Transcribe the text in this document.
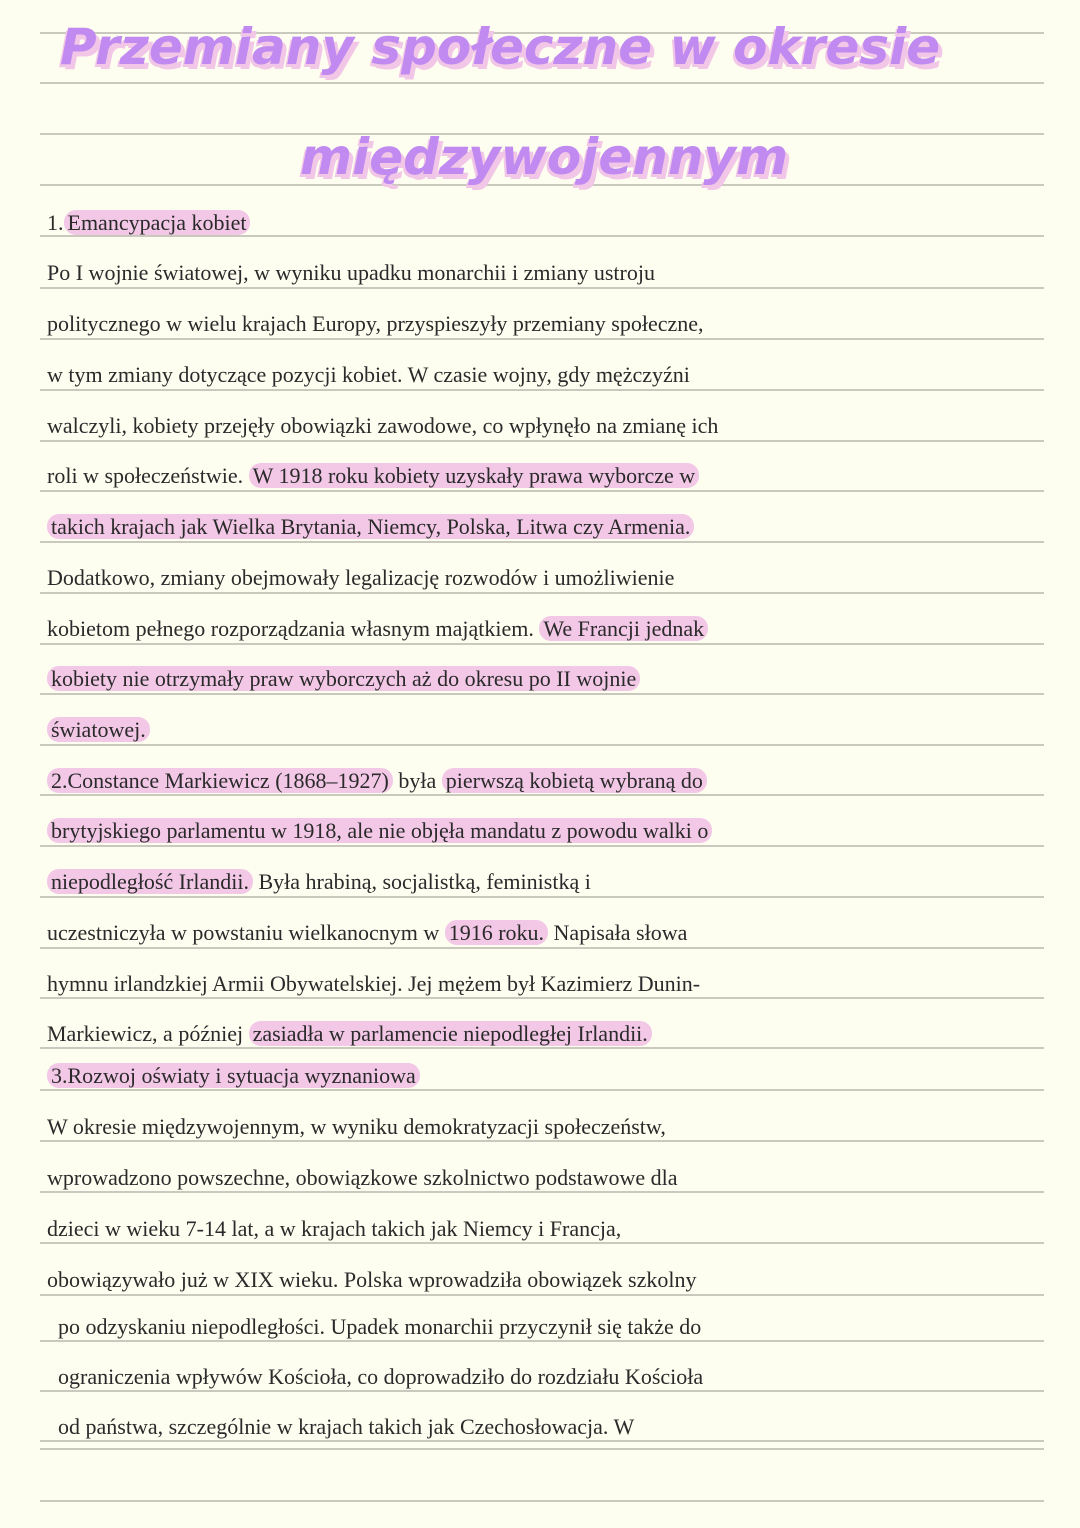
Przemiany społeczne w okresie
międzywojennym
1. Emancypacja kobiet
Po I wojnie światowej, w wyniku upadku monarchii i zmiany ustroju
politycznego w wielu krajach Europy, przyspieszyły przemiany społeczne,
w tym zmiany dotyczące pozycji kobiet. W czasie wojny, gdy mężczyźni
walczyli, kobiety przejęły obowiązki zawodowe, co wpłynęło na zmianę ich
roli w społeczeństwie. W 1918 roku kobiety uzyskały prawa wyborcze w
takich krajach jak Wielka Brytania, Niemcy, Polska, Litwa czy Armenia.
Dodatkowo, zmiany obejmowały legalizację rozwodów i umożliwienie
kobietom pełnego rozporządzania własnym majątkiem. We Francji jednak
kobiety nie otrzymały praw wyborczych aż do okresu po II wojnie
światowej.
2.Constance Markiewicz (1868–1927) była pierwszą kobietą wybraną do
brytyjskiego parlamentu w 1918, ale nie objęła mandatu z powodu walki o
niepodległość Irlandii. Była hrabiną, socjalistką, feministką i
uczestniczyła w powstaniu wielkanocnym w 1916 roku. Napisała słowa
hymnu irlandzkiej Armii Obywatelskiej. Jej mężem był Kazimierz Dunin-
Markiewicz, a później zasiadła w parlamencie niepodległej Irlandii.
3.Rozwoj oświaty i sytuacja wyznaniowa
W okresie międzywojennym, w wyniku demokratyzacji społeczeństw,
wprowadzono powszechne, obowiązkowe szkolnictwo podstawowe dla
dzieci w wieku 7-14 lat, a w krajach takich jak Niemcy i Francja,
obowiązywało już w XIX wieku. Polska wprowadziła obowiązek szkolny
po odzyskaniu niepodległości. Upadek monarchii przyczynił się także do
ograniczenia wpływów Kościoła, co doprowadziło do rozdziału Kościoła
od państwa, szczególnie w krajach takich jak Czechosłowacja. W
